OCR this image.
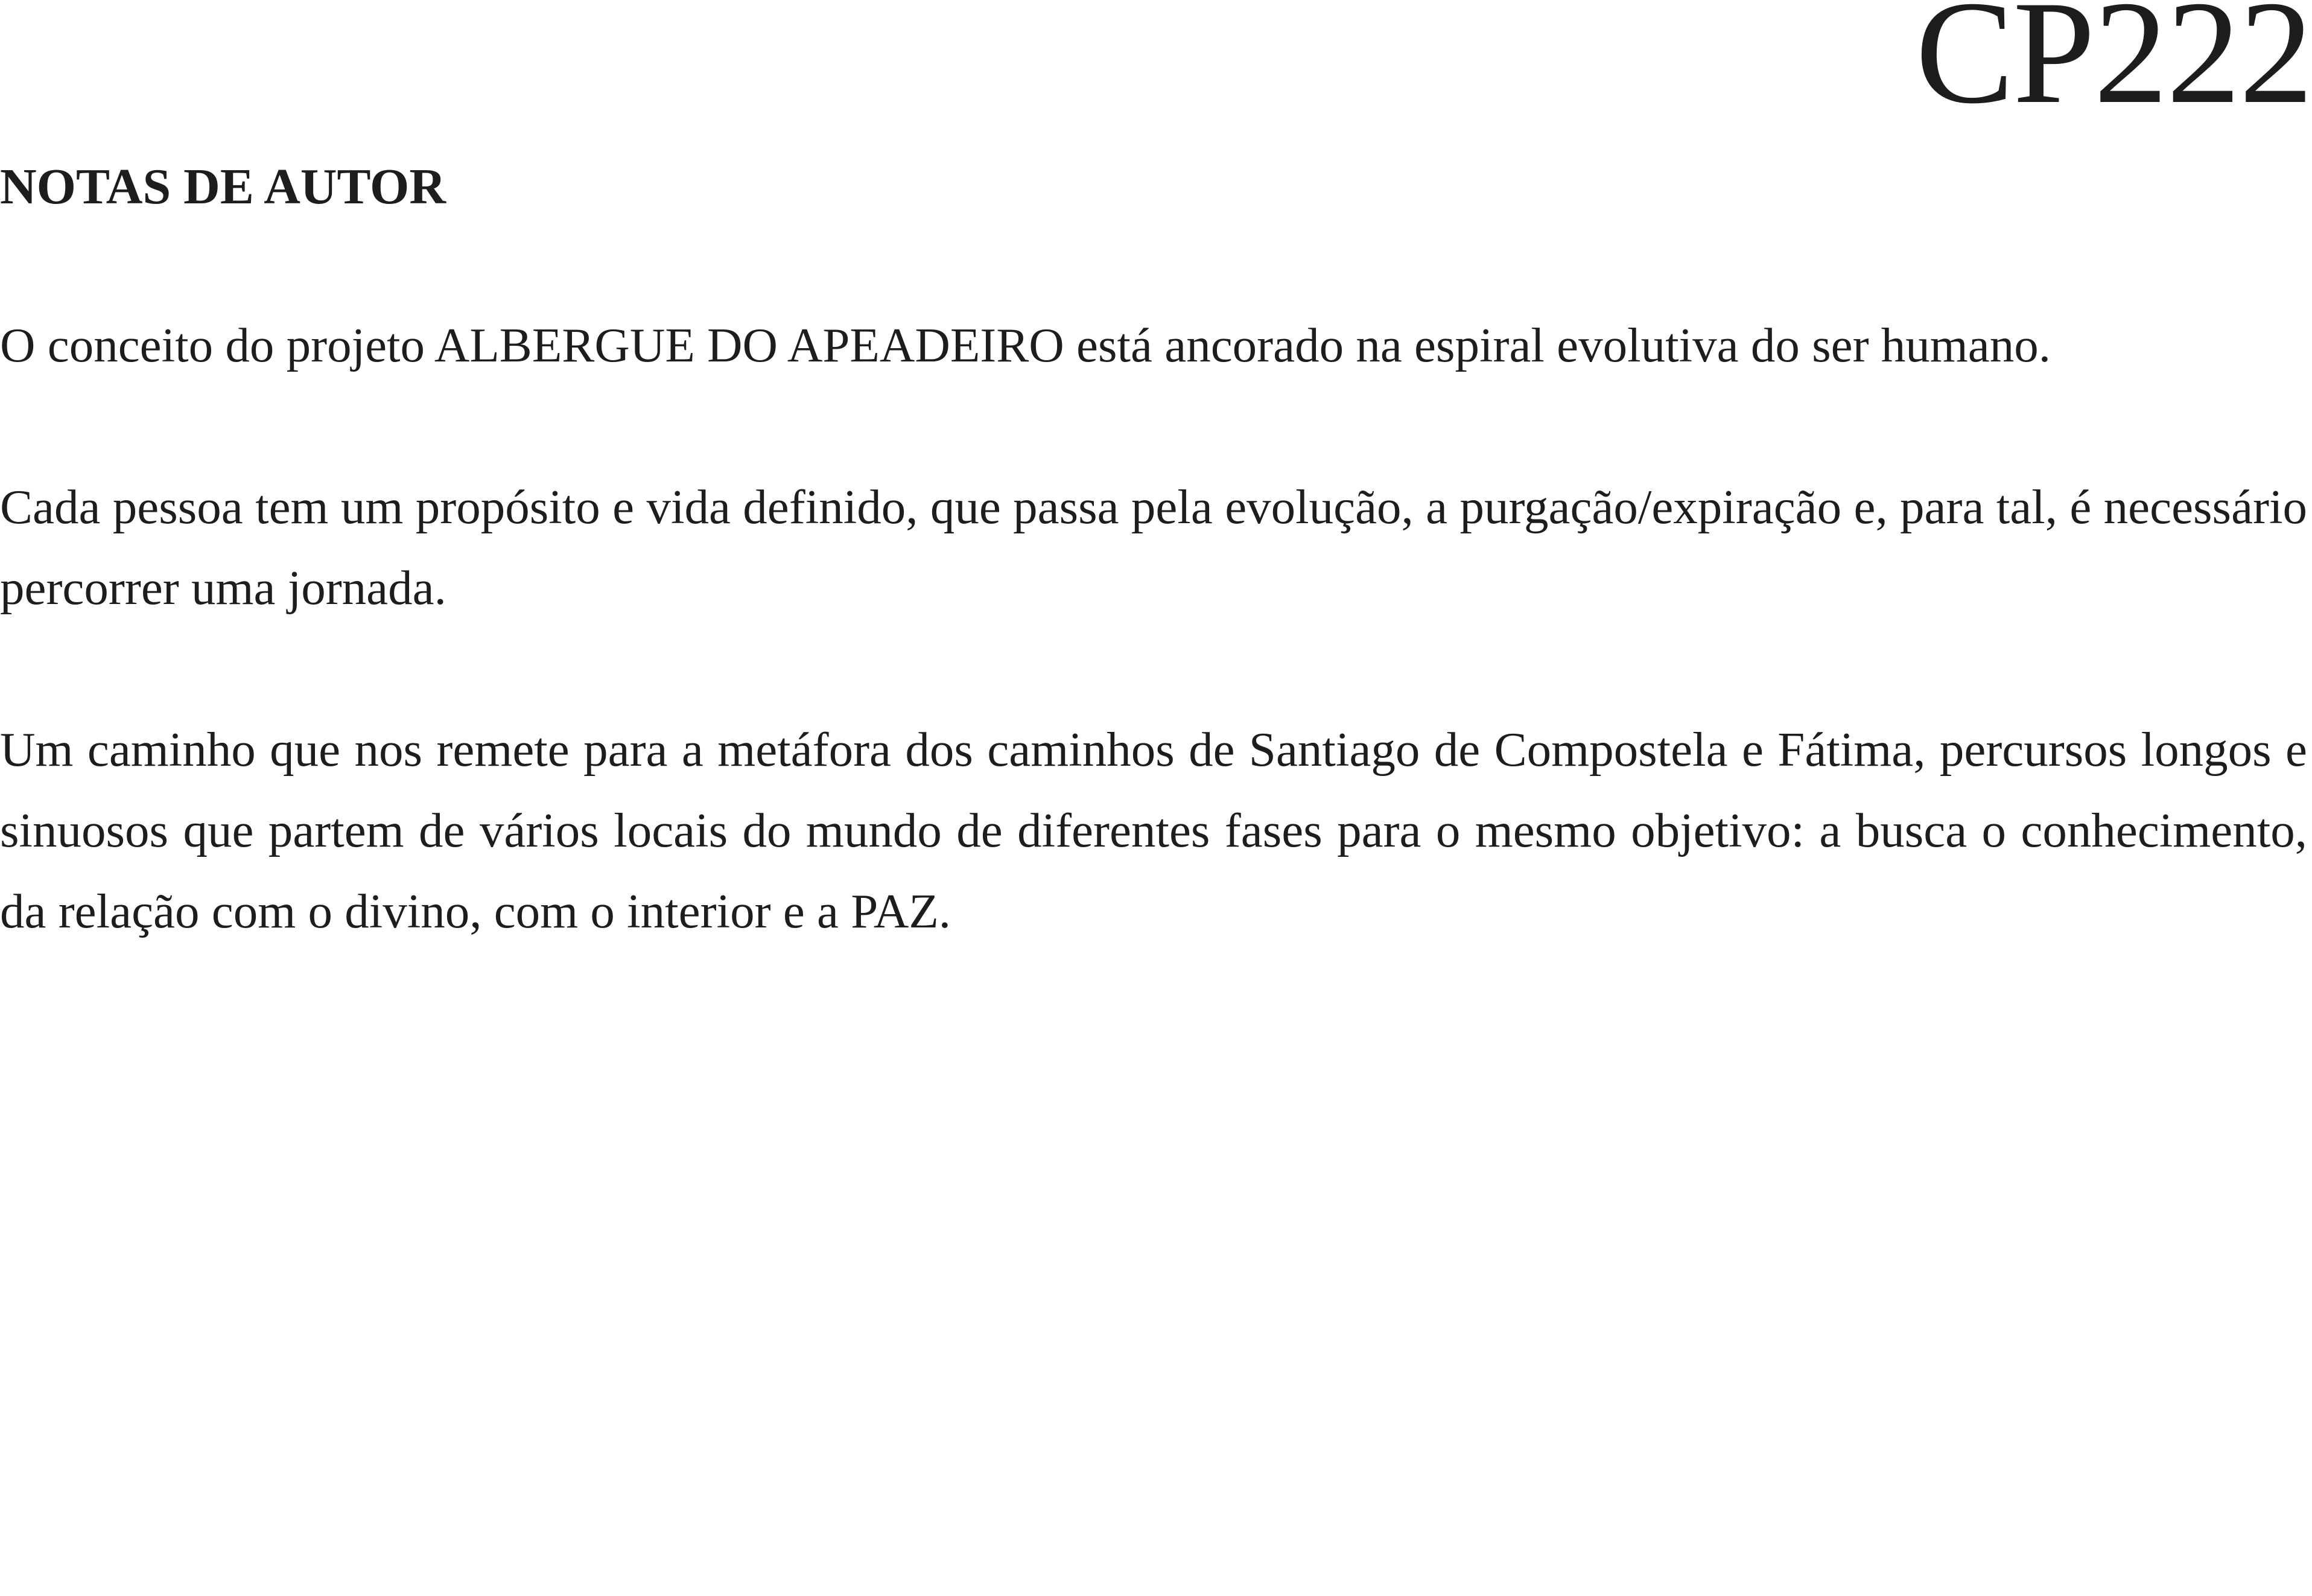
CP222
NOTAS DE AUTOR

O conceito do projeto ALBERGUE DO APEADEIRO está ancorado na espiral evolutiva do ser humano.

Cada pessoa tem um propósito e vida definido, que passa pela evolução, a purgação/expiração e, para tal, é necessário percorrer uma jornada.

Um caminho que nos remete para a metáfora dos caminhos de Santiago de Compostela e Fátima, percursos longos e sinuosos que partem de vários locais do mundo de diferentes fases para o mesmo objetivo: a busca o conhecimento, da relação com o divino, com o interior e a PAZ.
